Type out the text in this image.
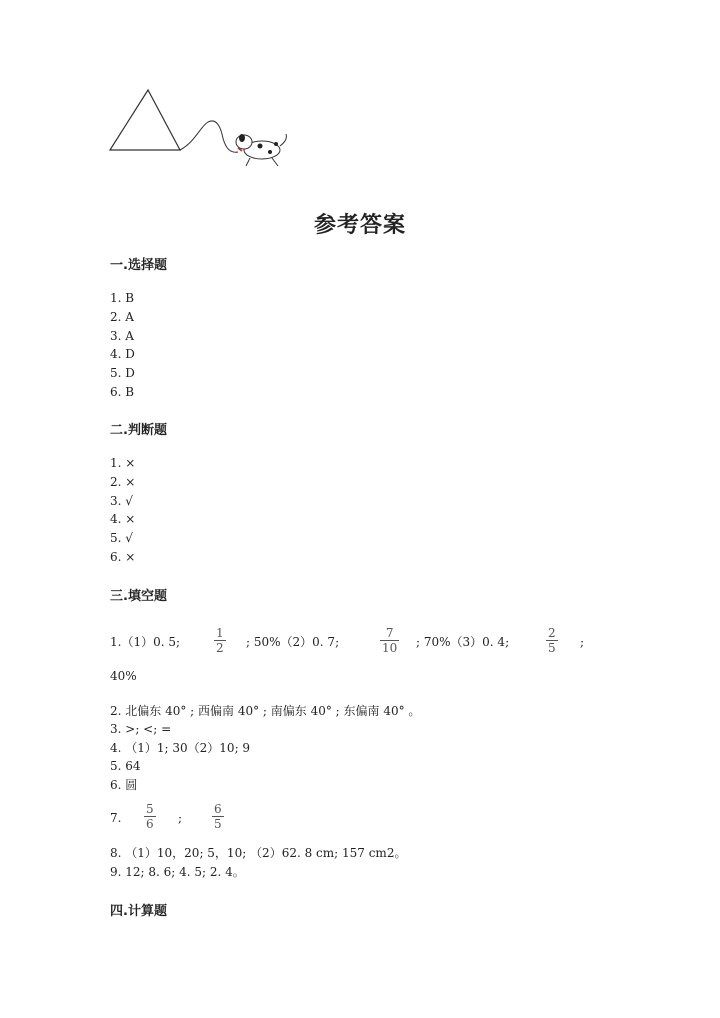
参考答案
一.选择题
1. B
2. A
3. A
4. D
5. D
6. B
二.判断题
1. ×
2. ×
3. √
4. ×
5. √
6. ×
三.填空题
1.（1）0. 5;	$\frac{1}{2}$ ; 50%（2）0. 7;	$\frac{7}{10}$ ; 70%（3）0. 4;	$\frac{2}{5}$ ;
40%
2. 北偏东 40° ; 西偏南 40° ; 南偏东 40° ; 东偏南 40° 。
3. >; <; =
4. （1）1; 30（2）10; 9
5. 64
6. 圆
7. $\frac{5}{6}$ ; $\frac{6}{5}$
8. （1）10，20; 5，10; （2）62. 8 cm; 157 cm2。
9. 12; 8. 6; 4. 5; 2. 4。
四.计算题
